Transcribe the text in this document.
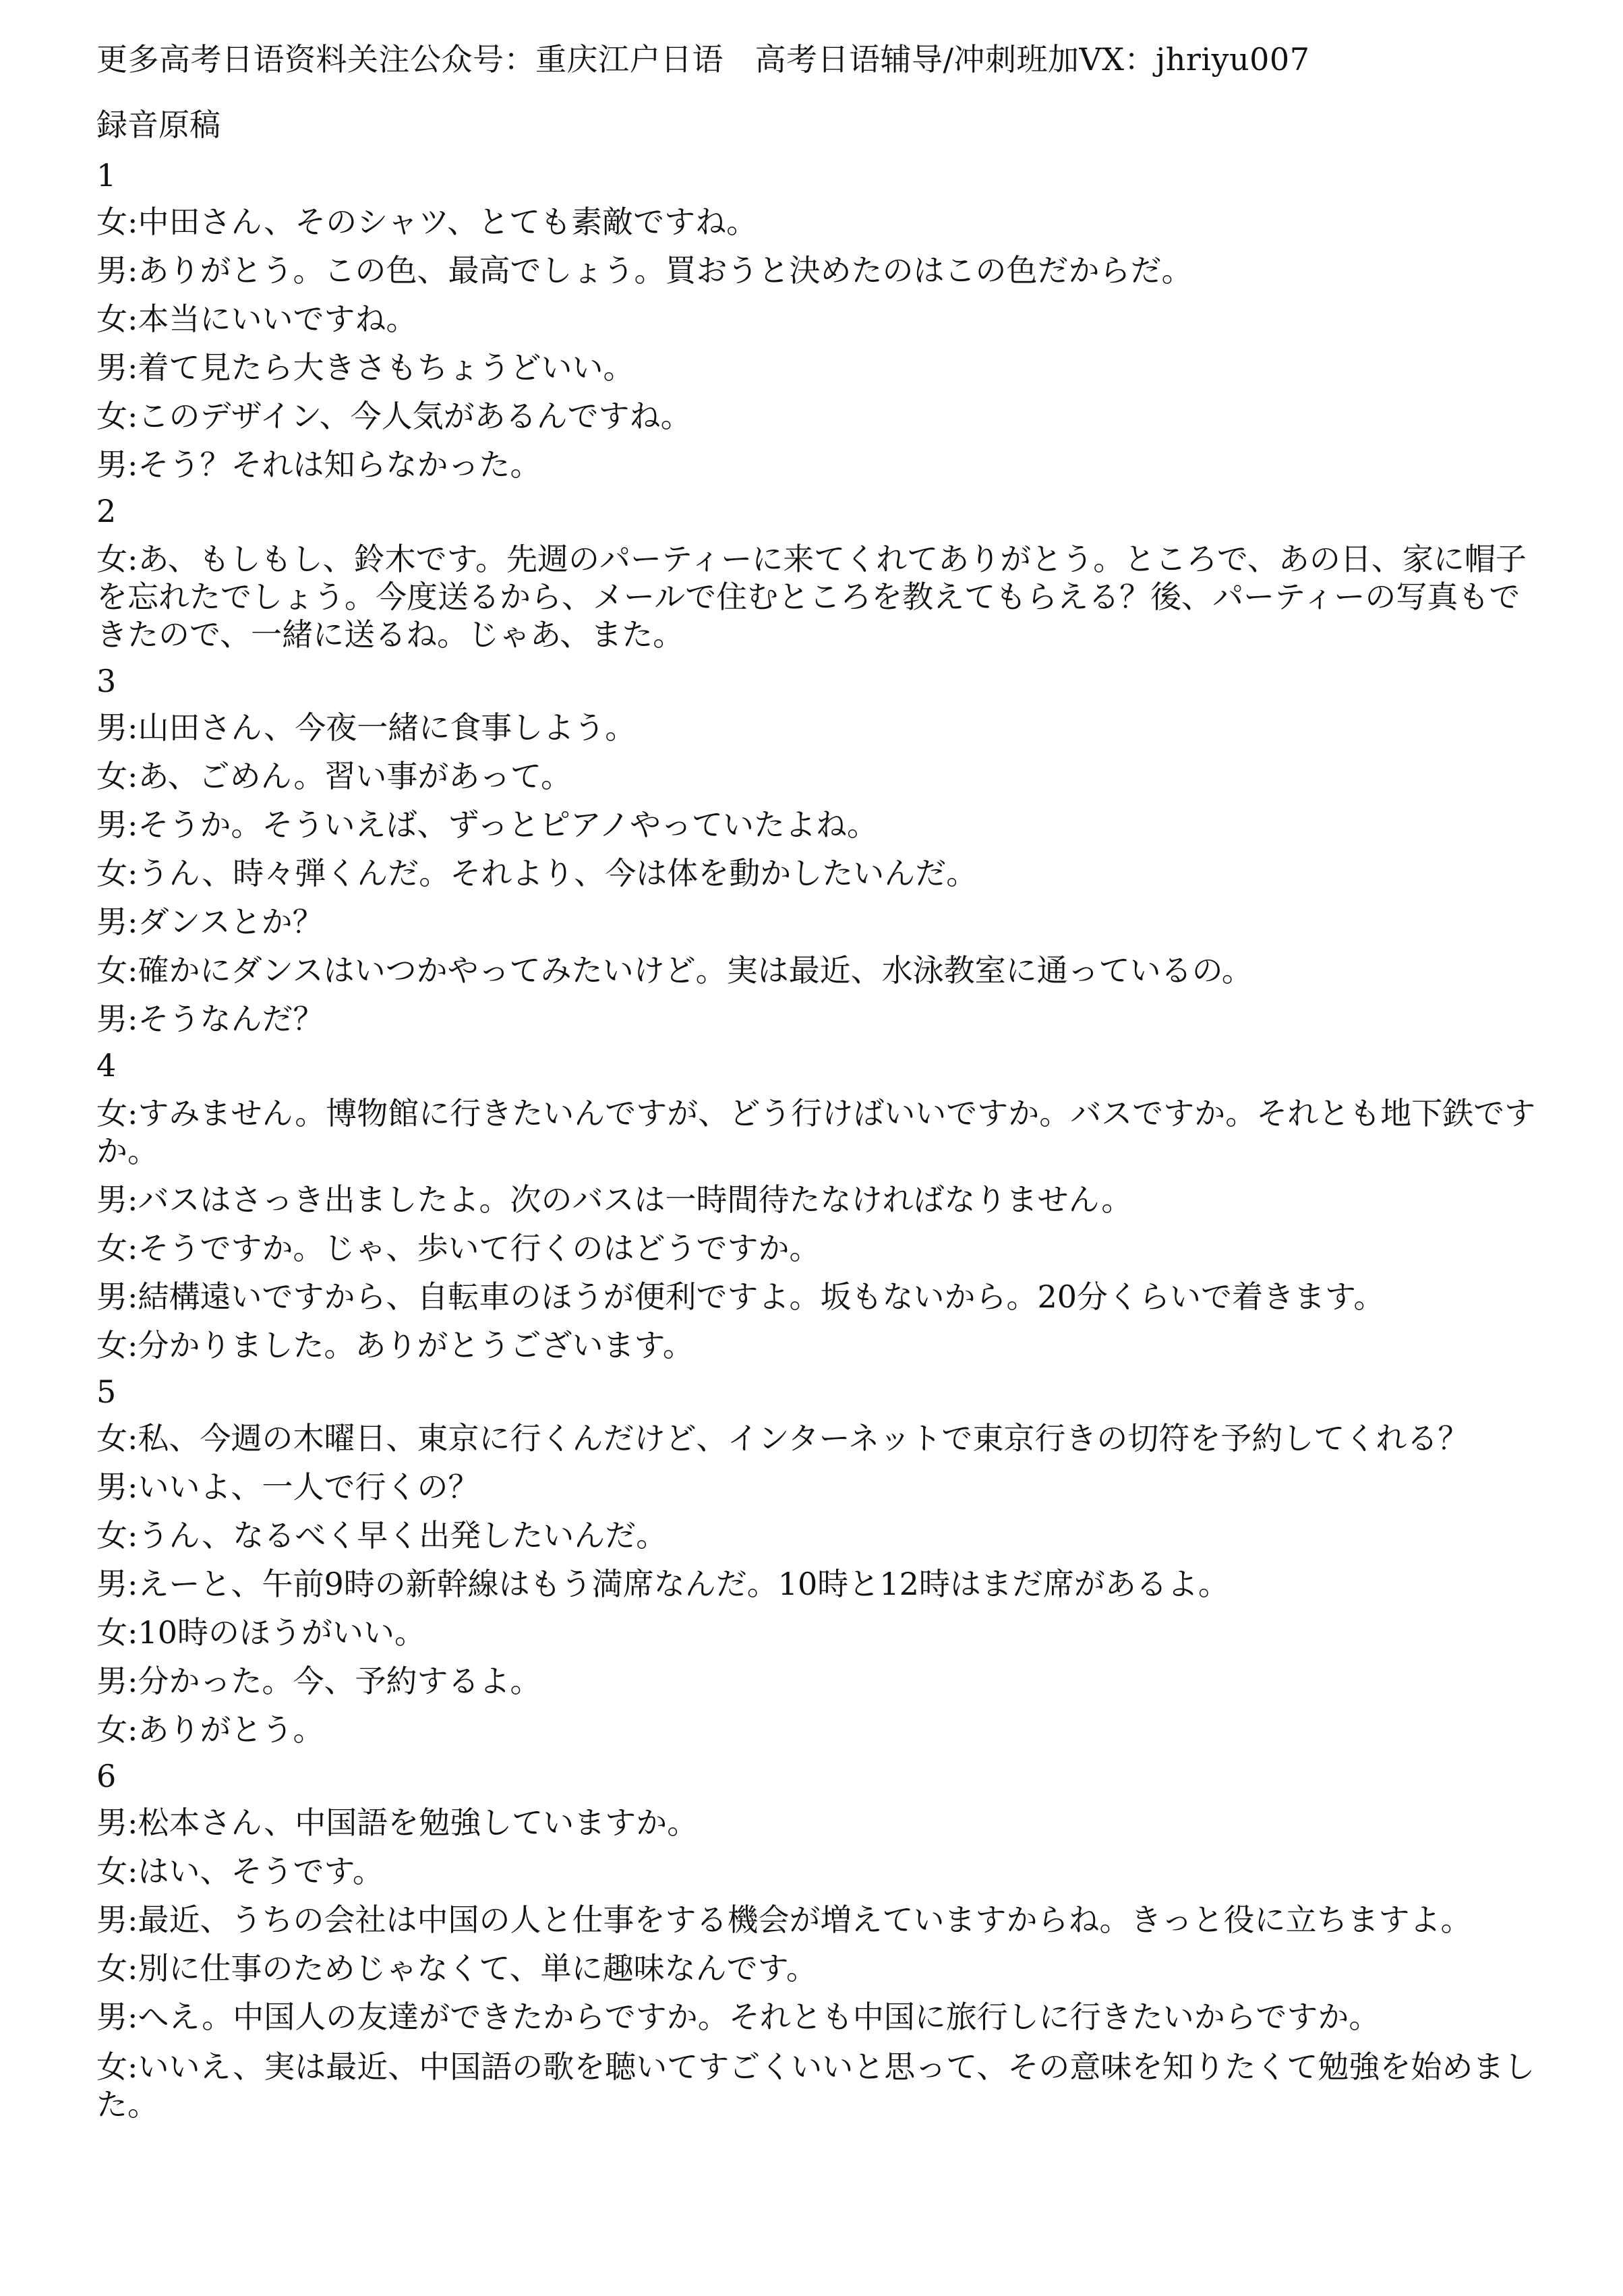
更多高考日语资料关注公众号：重庆江户日语　高考日语辅导/冲刺班加VX：jhriyu007
録音原稿
1
女:中田さん、そのシャツ、とても素敵ですね。
男:ありがとう。この色、最高でしょう。買おうと決めたのはこの色だからだ。
女:本当にいいですね。
男:着て見たら大きさもちょうどいい。
女:このデザイン、今人気があるんですね。
男:そう？それは知らなかった。
2
女:あ、もしもし、鈴木です。先週のパーティーに来てくれてありがとう。ところで、あの日、家に帽子を忘れたでしょう。今度送るから、メールで住むところを教えてもらえる？後、パーティーの写真もできたので、一緒に送るね。じゃあ、また。
3
男:山田さん、今夜一緒に食事しよう。
女:あ、ごめん。習い事があって。
男:そうか。そういえば、ずっとピアノやっていたよね。
女:うん、時々弾くんだ。それより、今は体を動かしたいんだ。
男:ダンスとか？
女:確かにダンスはいつかやってみたいけど。実は最近、水泳教室に通っているの。
男:そうなんだ？
4
女:すみません。博物館に行きたいんですが、どう行けばいいですか。バスですか。それとも地下鉄ですか。
男:バスはさっき出ましたよ。次のバスは一時間待たなければなりません。
女:そうですか。じゃ、歩いて行くのはどうですか。
男:結構遠いですから、自転車のほうが便利ですよ。坂もないから。20分くらいで着きます。
女:分かりました。ありがとうございます。
5
女:私、今週の木曜日、東京に行くんだけど、インターネットで東京行きの切符を予約してくれる？
男:いいよ、一人で行くの？
女:うん、なるべく早く出発したいんだ。
男:えーと、午前9時の新幹線はもう満席なんだ。10時と12時はまだ席があるよ。
女:10時のほうがいい。
男:分かった。今、予約するよ。
女:ありがとう。
6
男:松本さん、中国語を勉強していますか。
女:はい、そうです。
男:最近、うちの会社は中国の人と仕事をする機会が増えていますからね。きっと役に立ちますよ。
女:別に仕事のためじゃなくて、単に趣味なんです。
男:へえ。中国人の友達ができたからですか。それとも中国に旅行しに行きたいからですか。
女:いいえ、実は最近、中国語の歌を聴いてすごくいいと思って、その意味を知りたくて勉強を始めました。
